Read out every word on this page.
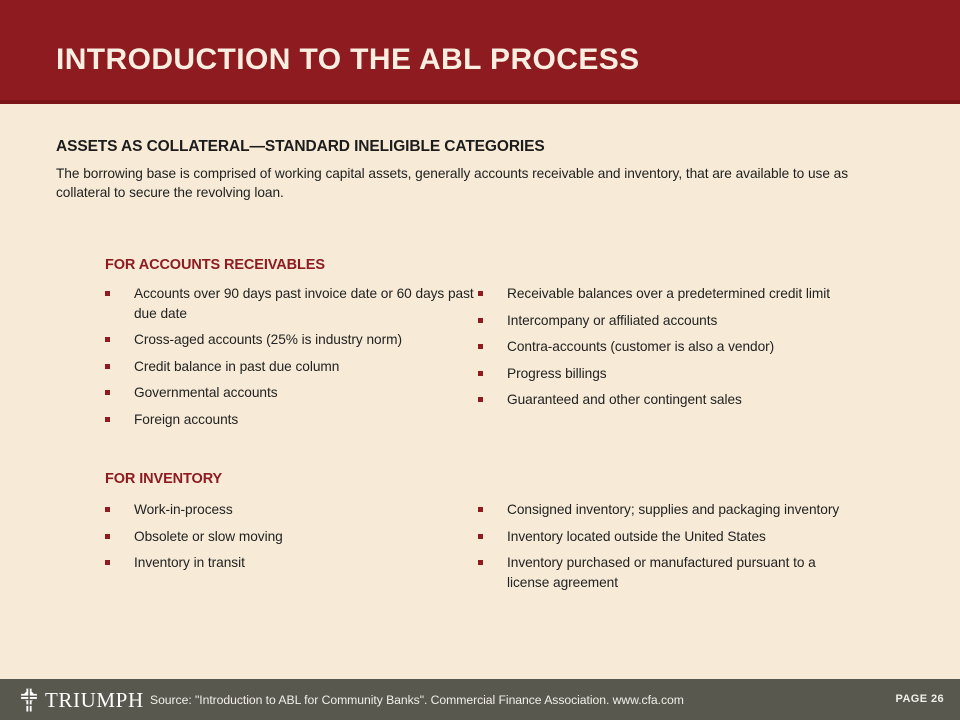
INTRODUCTION TO THE ABL PROCESS
ASSETS AS COLLATERAL—STANDARD INELIGIBLE CATEGORIES
The borrowing base is comprised of working capital assets, generally accounts receivable and inventory, that are available to use as collateral to secure the revolving loan.
FOR ACCOUNTS RECEIVABLES
Accounts over 90 days past invoice date or 60 days past due date
Cross-aged accounts (25% is industry norm)
Credit balance in past due column
Governmental accounts
Foreign accounts
Receivable balances over a predetermined credit limit
Intercompany or affiliated accounts
Contra-accounts (customer is also a vendor)
Progress billings
Guaranteed and other contingent sales
FOR INVENTORY
Work-in-process
Obsolete or slow moving
Inventory in transit
Consigned inventory; supplies and packaging inventory
Inventory located outside the United States
Inventory purchased or manufactured pursuant to a license agreement
TRIUMPH Source: "Introduction to ABL for Community Banks". Commercial Finance Association. www.cfa.com	PAGE 26
